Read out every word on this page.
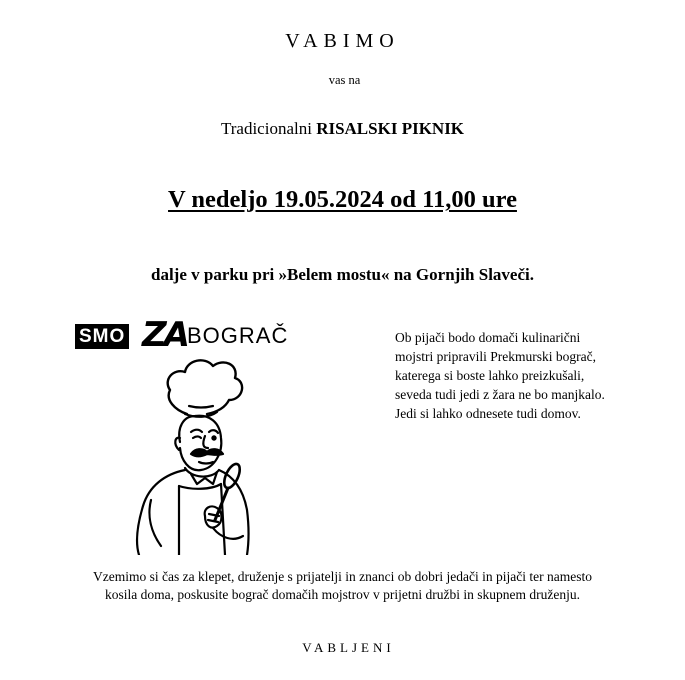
VABIMO
vas na
Tradicionalni RISALSKI PIKNIK
V nedeljo 19.05.2024 od 11,00 ure
dalje v parku pri »Belem mostu« na Gornjih Slaveči.
SMO ZA BOGRAČ	Ob pijači bodo domači kulinarični
mojstri pripravili Prekmurski bograč,
katerega si boste lahko preizkušali,
seveda tudi jedi z žara ne bo manjkalo.
Jedi si lahko odnesete tudi domov.
Vzemimo si čas za klepet, druženje s prijatelji in znanci ob dobri jedači in pijači ter namesto
kosila doma, poskusite bograč domačih mojstrov v prijetni družbi in skupnem druženju.
VABLJENI
